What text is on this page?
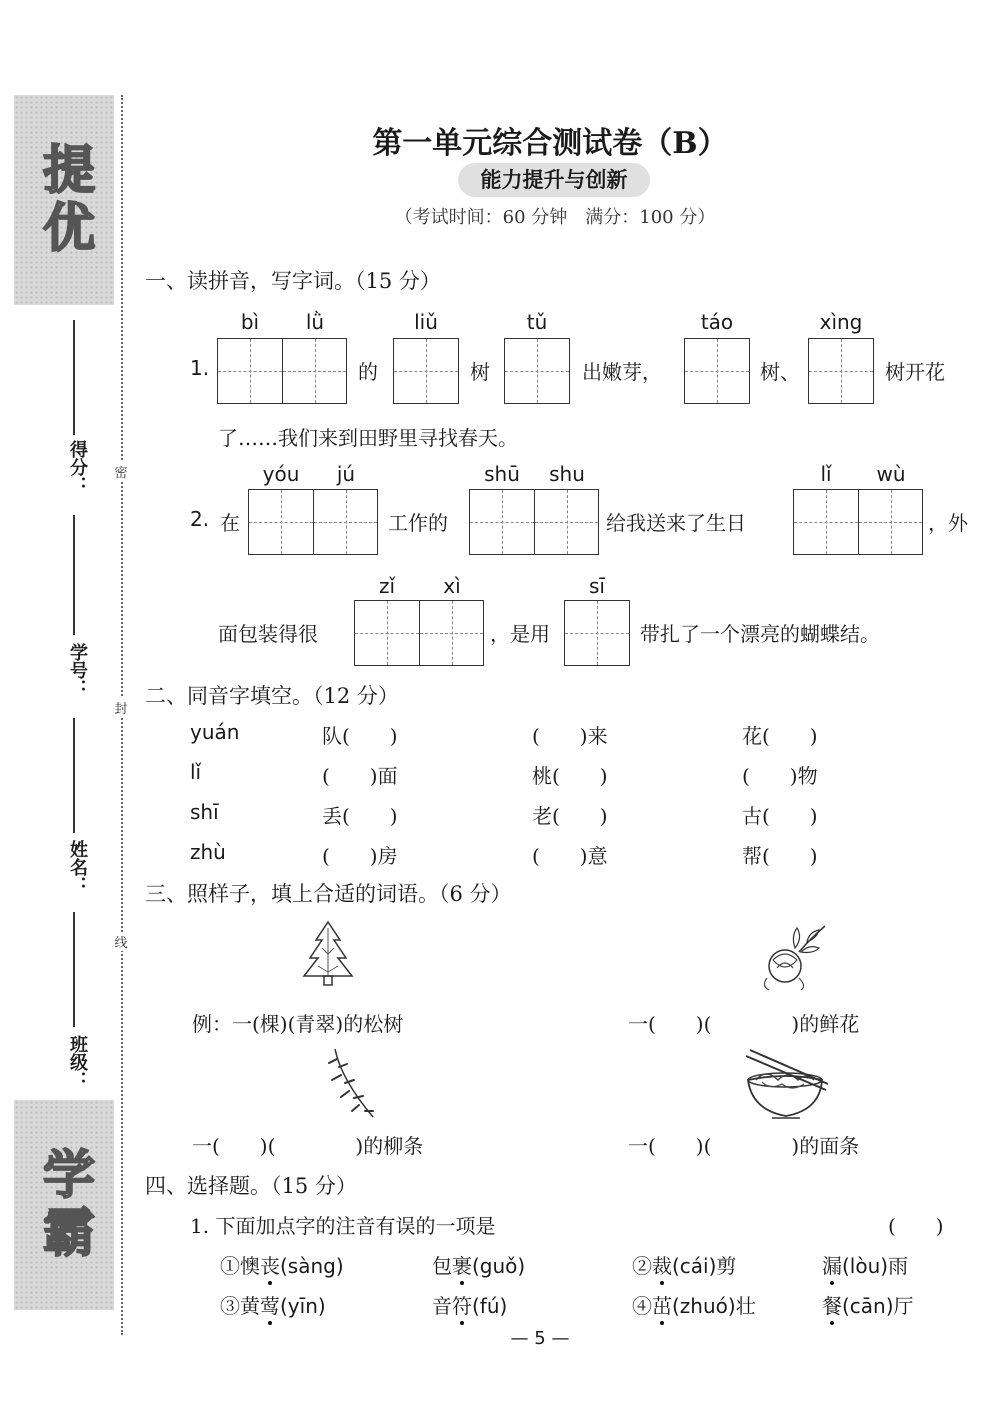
提优
学霸
得分：
学号：
姓名：
班级：
密
封
线
第一单元综合测试卷（B）
能力提升与创新
（考试时间：60 分钟　满分：100 分）
一、读拼音，写字词。（15 分）
bì	lǜ	liǔ	tǔ	táo	xìng
1.	的	树	出嫩芽，	树、	树开花
了……我们来到田野里寻找春天。
yóu	jú	shū	shu	lǐ	wù
2. 在	工作的	给我送来了生日	，外
zǐ	xì	sī
面包装得很	，是用	带扎了一个漂亮的蝴蝶结。
二、同音字填空。（12 分）
yuán	队(　　)	(　　)来	花(　　)
lǐ	(　　)面	桃(　　)	(　　)物
shī	丢(　　)	老(　　)	古(　　)
zhù	(　　)房	(　　)意	帮(　　)
三、照样子，填上合适的词语。（6 分）
例：一(棵)(青翠)的松树	一(　　)(　　　　)的鲜花
一(　　)(　　　　)的柳条	一(　　)(　　　　)的面条
四、选择题。（15 分）
1. 下面加点字的注音有误的一项是	(　　)
①懊丧(sàng)	包裹(guǒ)	②裁(cái)剪	漏(lòu)雨
③黄莺(yīn)	音符(fú)	④茁(zhuó)壮	餐(cān)厅
— 5 —
